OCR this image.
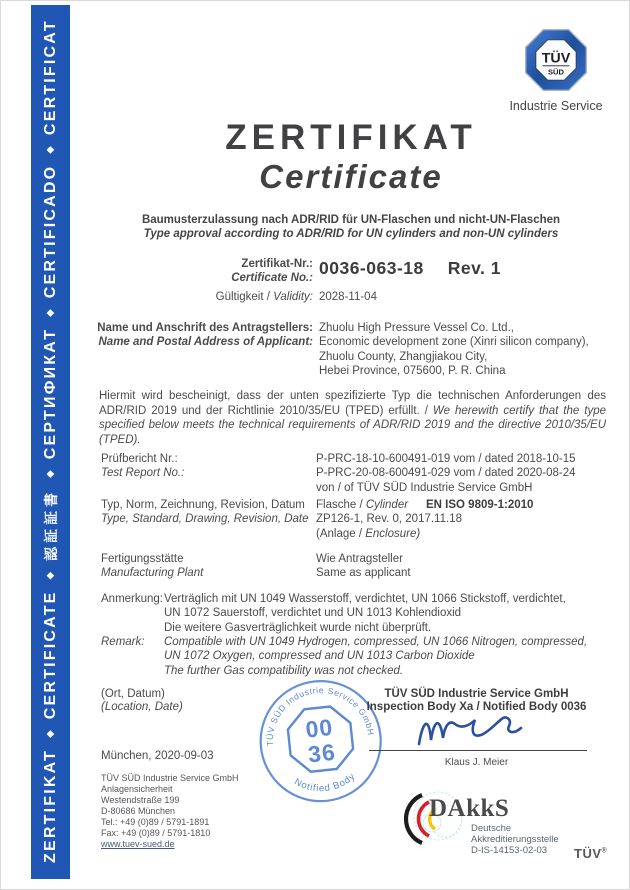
ZERTIFIKAT
◆
CERTIFICATE
◆
認証証書
◆
СЕРТИФИКАТ
◆
CERTIFICADO
◆
CERTIFICAT	TÜV
SÜD
Industrie Service
ZERTIFIKAT
Certificate
Baumusterzulassung nach ADR/RID für UN-Flaschen und nicht-UN-Flaschen
Type approval according to ADR/RID for UN cylinders and non-UN cylinders
Zertifikat-Nr.:
Certificate No.: 0036-063-18 Rev. 1
Gültigkeit / Validity: 2028-11-04
Name und Anschrift des Antragstellers:
Name and Postal Address of Applicant:
Zhuolu High Pressure Vessel Co. Ltd.,
Economic development zone (Xinri silicon company),
Zhuolu County, Zhangjiakou City,
Hebei Province, 075600, P. R. China
Hiermit wird bescheinigt, dass der unten spezifizierte Typ die technischen Anforderungen des ADR/RID 2019 und der Richtlinie 2010/35/EU (TPED) erfüllt. / We herewith certify that the type specified below meets the technical requirements of ADR/RID 2019 and the directive 2010/35/EU (TPED).
Prüfbericht Nr.:
Test Report No.:
P-PRC-18-10-600491-019 vom / dated 2018-10-15
P-PRC-20-08-600491-029 vom / dated 2020-08-24
von / of TÜV SÜD Industrie Service GmbH
Typ, Norm, Zeichnung, Revision, Datum
Type, Standard, Drawing, Revision, Date
Flasche / Cylinder
ZP126-1, Rev. 0, 2017.11.18
(Anlage / Enclosure)
EN ISO 9809-1:2010
Fertigungsstätte
Manufacturing Plant
Wie Antragsteller
Same as applicant
Anmerkung: Verträglich mit UN 1049 Wasserstoff, verdichtet, UN 1066 Stickstoff, verdichtet,
UN 1072 Sauerstoff, verdichtet und UN 1013 Kohlendioxid
Die weitere Gasverträglichkeit wurde nicht überprüft.
Remark: Compatible with UN 1049 Hydrogen, compressed, UN 1066 Nitrogen, compressed,
UN 1072 Oxygen, compressed and UN 1013 Carbon Dioxide
The further Gas compatibility was not checked.
(Ort, Datum)
(Location, Date)
München, 2020-09-03
TÜV SÜD Industrie Service GmbH
Notified Body
00
36
TÜV SÜD Industrie Service GmbH
Inspection Body Xa / Notified Body 0036
Klaus J. Meier
TÜV SÜD Industrie Service GmbH
Anlagensicherheit
Westendstraße 199
D-80686 München
Tel.: +49 (0)89 / 5791-1891
Fax: +49 (0)89 / 5791-1810
www.tuev-sued.de
DAkkS
Deutsche
Akkreditierungsstelle
D-IS-14153-02-03	TÜV®
